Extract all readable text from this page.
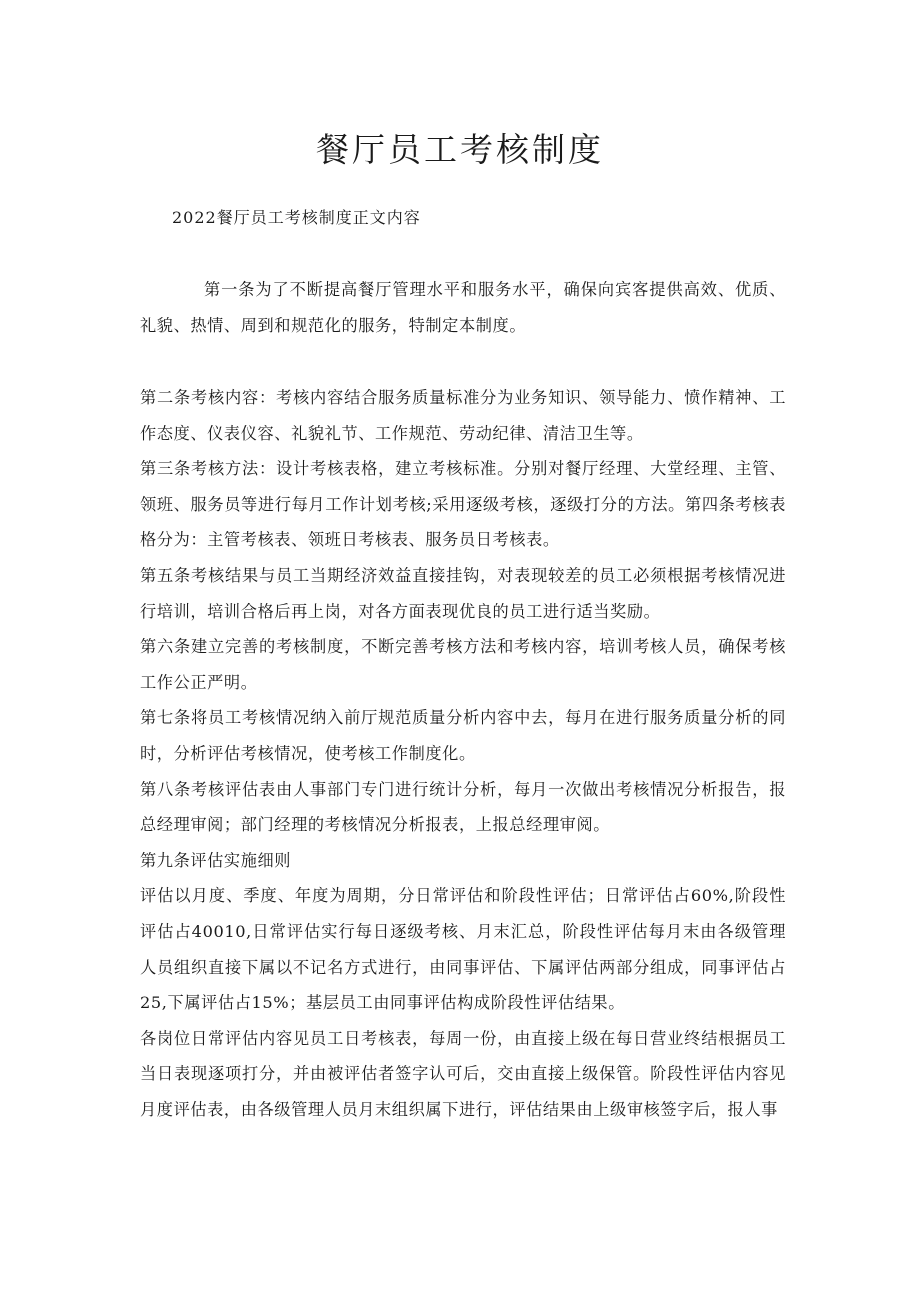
餐厅员工考核制度

2022餐厅员工考核制度正文内容

第一条为了不断提高餐厅管理水平和服务水平，确保向宾客提供高效、优质、礼貌、热情、周到和规范化的服务，特制定本制度。

第二条考核内容：考核内容结合服务质量标准分为业务知识、领导能力、愤作精神、工作态度、仪表仪容、礼貌礼节、工作规范、劳动纪律、清洁卫生等。

第三条考核方法：设计考核表格，建立考核标准。分别对餐厅经理、大堂经理、主管、领班、服务员等进行每月工作计划考核;采用逐级考核，逐级打分的方法。第四条考核表格分为：主管考核表、领班日考核表、服务员日考核表。

第五条考核结果与员工当期经济效益直接挂钩，对表现较差的员工必须根据考核情况进行培训，培训合格后再上岗，对各方面表现优良的员工进行适当奖励。

第六条建立完善的考核制度，不断完善考核方法和考核内容，培训考核人员，确保考核工作公正严明。

第七条将员工考核情况纳入前厅规范质量分析内容中去，每月在进行服务质量分析的同时，分析评估考核情况，使考核工作制度化。

第八条考核评估表由人事部门专门进行统计分析，每月一次做出考核情况分析报告，报总经理审阅；部门经理的考核情况分析报表，上报总经理审阅。

第九条评估实施细则

评估以月度、季度、年度为周期，分日常评估和阶段性评估；日常评估占60%,阶段性评估占40010,日常评估实行每日逐级考核、月末汇总，阶段性评估每月末由各级管理人员组织直接下属以不记名方式进行，由同事评估、下属评估两部分组成，同事评估占25,下属评估占15%；基层员工由同事评估构成阶段性评估结果。

各岗位日常评估内容见员工日考核表，每周一份，由直接上级在每日营业终结根据员工当日表现逐项打分，并由被评估者签字认可后，交由直接上级保管。阶段性评估内容见月度评估表，由各级管理人员月末组织属下进行，评估结果由上级审核签字后，报人事
